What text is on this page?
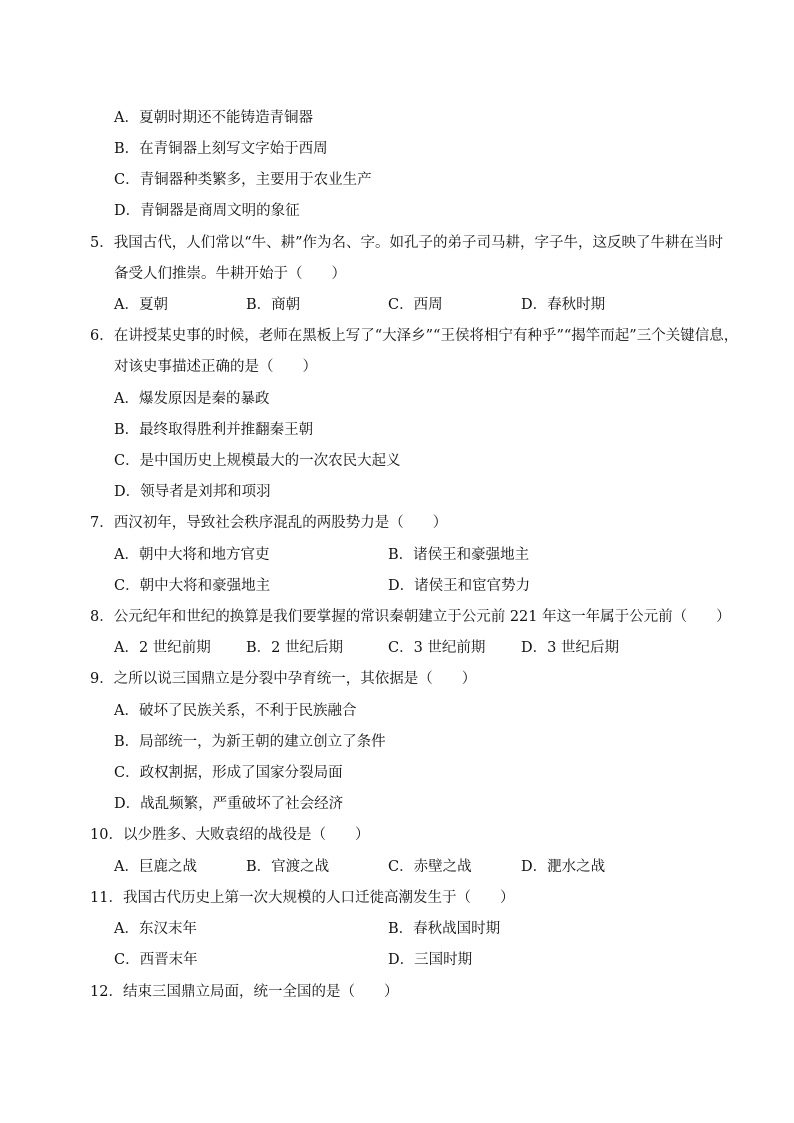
A．夏朝时期还不能铸造青铜器
B．在青铜器上刻写文字始于西周
C．青铜器种类繁多，主要用于农业生产
D．青铜器是商周文明的象征
5．我国古代，人们常以“牛、耕”作为名、字。如孔子的弟子司马耕，字子牛，这反映了牛耕在当时
备受人们推崇。牛耕开始于（　　）
A．夏朝	B．商朝	C．西周	D．春秋时期
6．在讲授某史事的时候，老师在黑板上写了“大泽乡”“王侯将相宁有种乎”“揭竿而起”三个关键信息，
对该史事描述正确的是（　　）
A．爆发原因是秦的暴政
B．最终取得胜利并推翻秦王朝
C．是中国历史上规模最大的一次农民大起义
D．领导者是刘邦和项羽
7．西汉初年，导致社会秩序混乱的两股势力是（　　）
A．朝中大将和地方官吏	B．诸侯王和豪强地主
C．朝中大将和豪强地主	D．诸侯王和宦官势力
8．公元纪年和世纪的换算是我们要掌握的常识秦朝建立于公元前 221 年这一年属于公元前（　　）
A．2 世纪前期 B．2 世纪后期	C．3 世纪前期 D．3 世纪后期
9．之所以说三国鼎立是分裂中孕育统一，其依据是（　　）
A．破坏了民族关系，不利于民族融合
B．局部统一，为新王朝的建立创立了条件
C．政权割据，形成了国家分裂局面
D．战乱频繁，严重破坏了社会经济
10．以少胜多、大败袁绍的战役是（　　）
A．巨鹿之战	B．官渡之战	C．赤壁之战	D．淝水之战
11．我国古代历史上第一次大规模的人口迁徙高潮发生于（　　）
A．东汉末年	B．春秋战国时期
C．西晋末年	D．三国时期
12．结束三国鼎立局面，统一全国的是（　　）
